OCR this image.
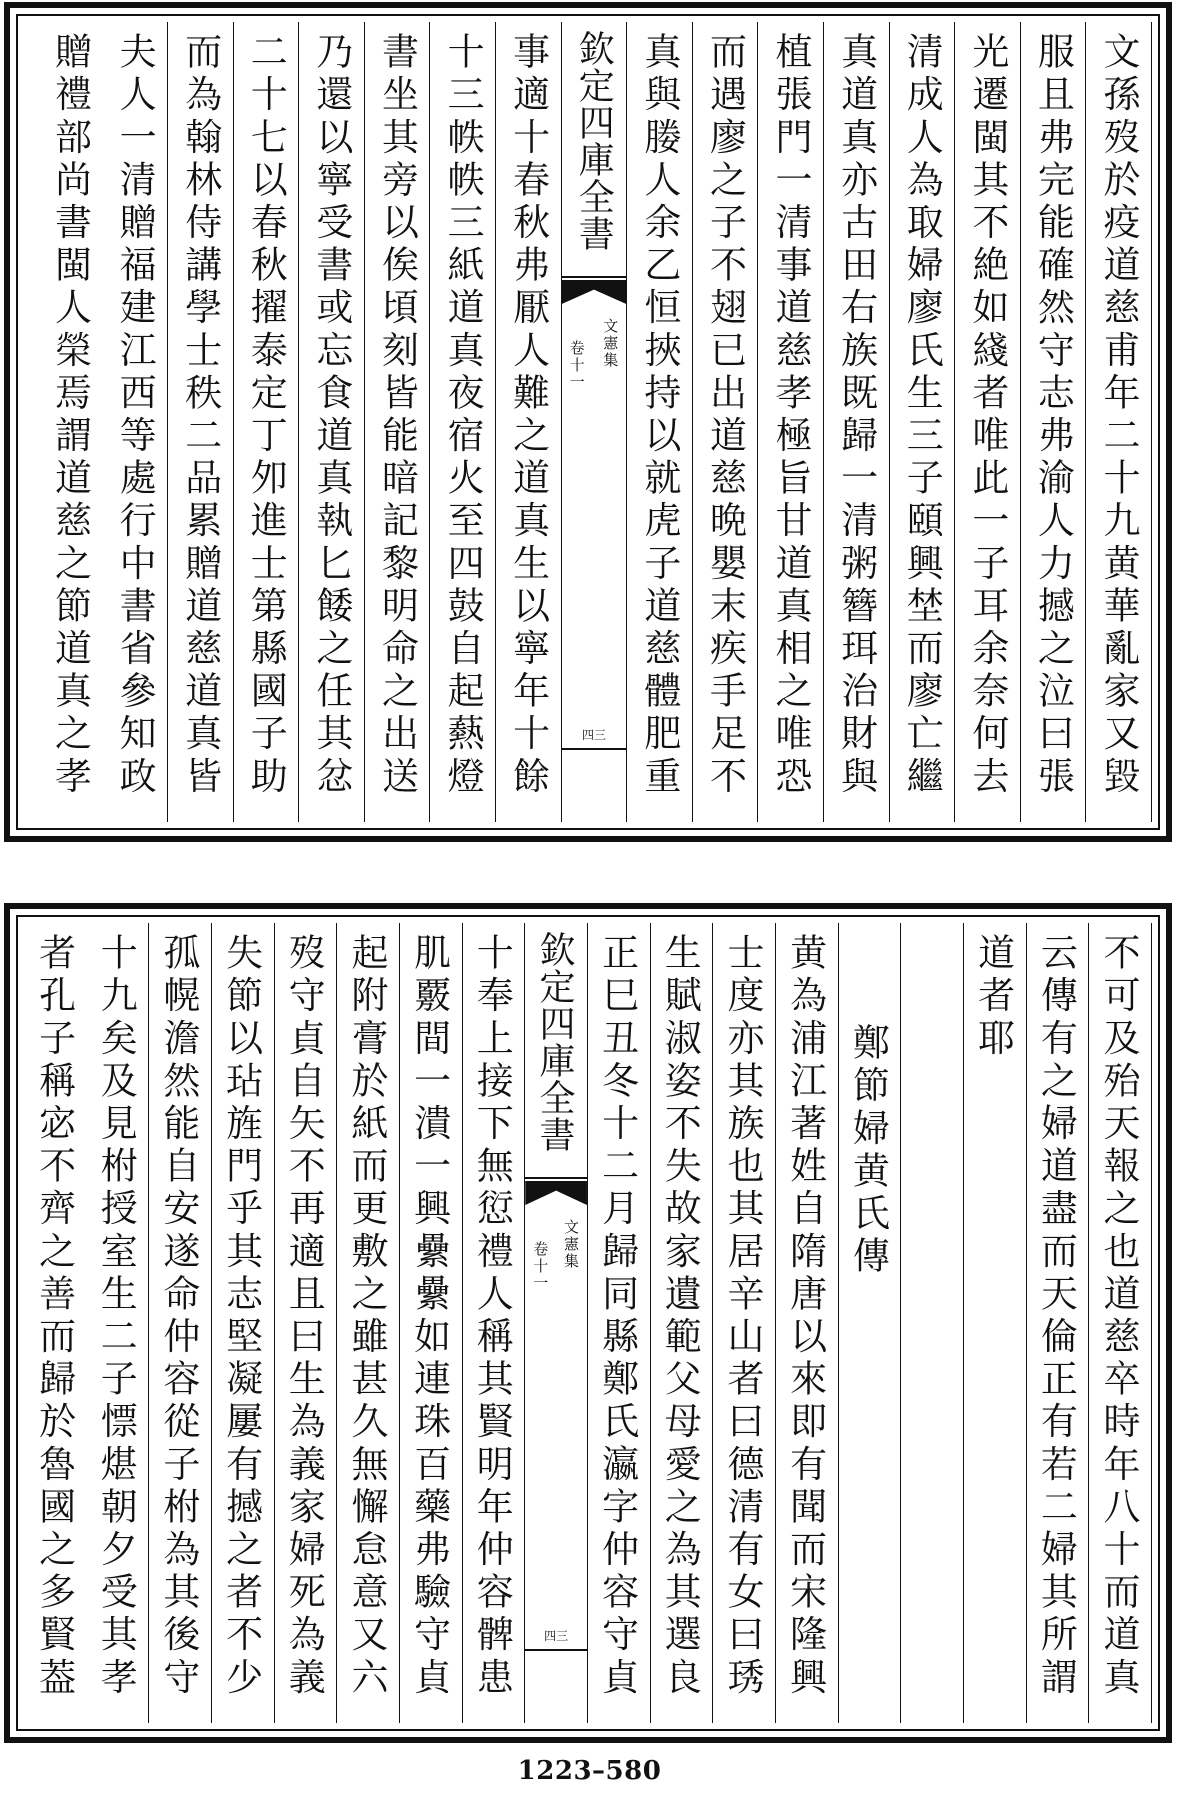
文孫歿於疫道慈甫年二十九黄華亂家又毀
服且弗完能確然守志弗渝人力撼之泣曰張
光遷閩其不絶如綫者唯此一子耳余奈何去
清成人為取婦廖氏生三子頤興埜而廖亡繼
真道真亦古田右族既歸一清粥簪珥治財與
植張門一清事道慈孝極旨甘道真相之唯恐
而遇廖之子不翅已出道慈晩嬰末疾手足不
真與媵人余乙恒挾持以就虎子道慈體肥重
欽定四庫全書
文憲集
卷十一
四三
事適十春秋弗厭人難之道真生以寧年十餘
十三帙帙三紙道真夜宿火至四鼓自起爇燈
書坐其旁以俟頃刻皆能暗記黎明命之出送
乃還以寧受書或忘食道真執匕餧之任其忿
二十七以春秋擢泰定丁夘進士第縣國子助
而為翰林侍講學士秩二品累贈道慈道真皆
夫人一清贈福建江西等處行中書省參知政
贈禮部尚書閩人榮焉謂道慈之節道真之孝
不可及殆天報之也道慈卒時年八十而道真
云傳有之婦道盡而天倫正有若二婦其所謂
道者耶
鄭節婦黄氏傳
黄為浦江著姓自隋唐以來即有聞而宋隆興
士度亦其族也其居辛山者曰德清有女曰琇
生賦淑姿不失故家遺範父母愛之為其選良
正巳丑冬十二月歸同縣鄭氏瀛字仲容守貞
欽定四庫全書
文憲集
卷十一
四三
十奉上接下無愆禮人稱其賢明年仲容髀患
肌覈間一潰一興纍纍如連珠百藥弗驗守貞
起附膏於紙而更敷之雖甚久無懈怠意又六
歿守貞自矢不再適且曰生為義家婦死為義
失節以玷旌門乎其志堅凝屢有撼之者不少
孤幌澹然能自安遂命仲容從子柎為其後守
十九矣及見柎授室生二子慓煁朝夕受其孝
者孔子稱宓不齊之善而歸於魯國之多賢葢
1223–580
